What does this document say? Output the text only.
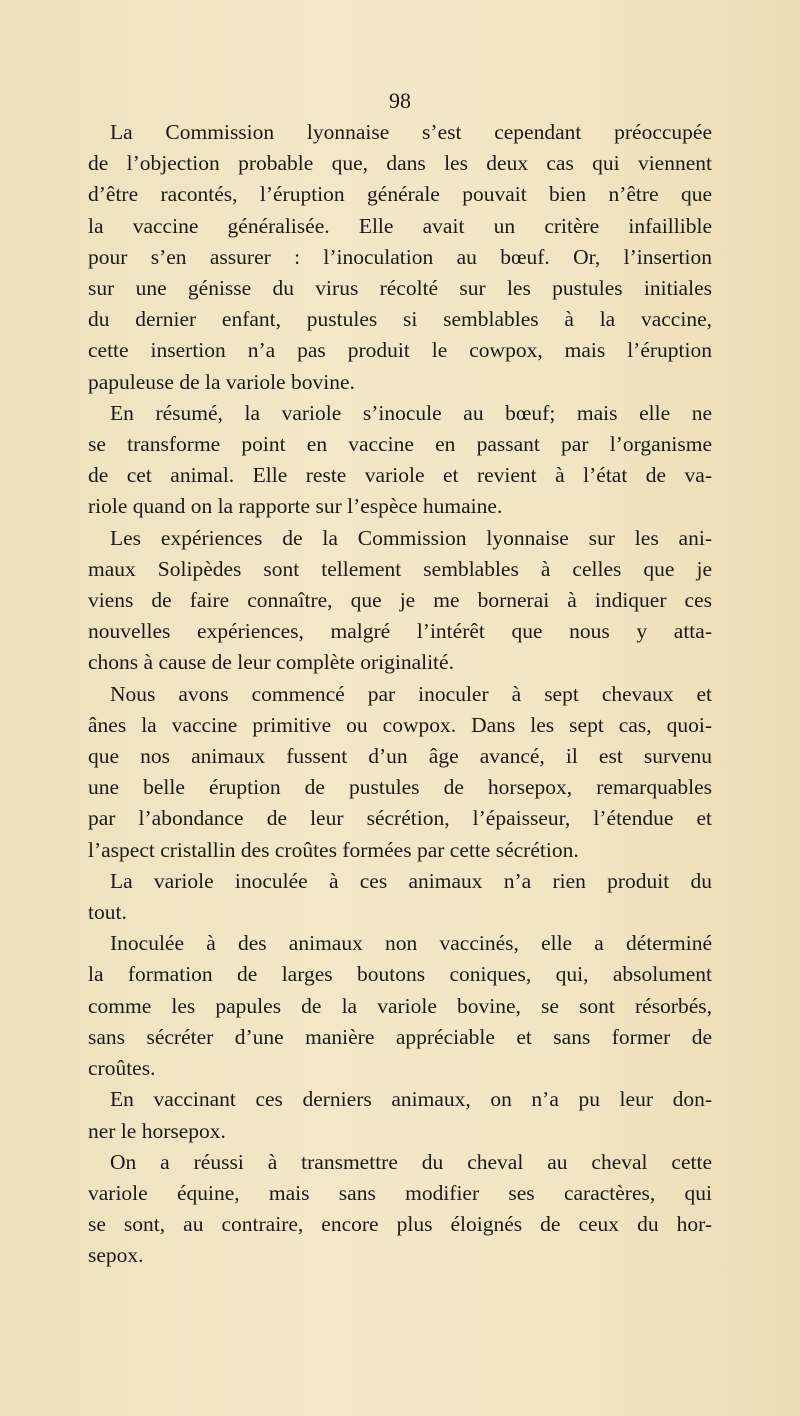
98
La Commission lyonnaise s’est cependant préoccupée
de l’objection probable que, dans les deux cas qui viennent
d’être racontés, l’éruption générale pouvait bien n’être que
la vaccine généralisée. Elle avait un critère infaillible
pour s’en assurer : l’inoculation au bœuf. Or, l’insertion
sur une génisse du virus récolté sur les pustules initiales
du dernier enfant, pustules si semblables à la vaccine,
cette insertion n’a pas produit le cowpox, mais l’éruption
papuleuse de la variole bovine.
En résumé, la variole s’inocule au bœuf; mais elle ne
se transforme point en vaccine en passant par l’organisme
de cet animal. Elle reste variole et revient à l’état de va-
riole quand on la rapporte sur l’espèce humaine.
Les expériences de la Commission lyonnaise sur les ani-
maux Solipèdes sont tellement semblables à celles que je
viens de faire connaître, que je me bornerai à indiquer ces
nouvelles expériences, malgré l’intérêt que nous y atta-
chons à cause de leur complète originalité.
Nous avons commencé par inoculer à sept chevaux et
ânes la vaccine primitive ou cowpox. Dans les sept cas, quoi-
que nos animaux fussent d’un âge avancé, il est survenu
une belle éruption de pustules de horsepox, remarquables
par l’abondance de leur sécrétion, l’épaisseur, l’étendue et
l’aspect cristallin des croûtes formées par cette sécrétion.
La variole inoculée à ces animaux n’a rien produit du
tout.
Inoculée à des animaux non vaccinés, elle a déterminé
la formation de larges boutons coniques, qui, absolument
comme les papules de la variole bovine, se sont résorbés,
sans sécréter d’une manière appréciable et sans former de
croûtes.
En vaccinant ces derniers animaux, on n’a pu leur don-
ner le horsepox.
On a réussi à transmettre du cheval au cheval cette
variole équine, mais sans modifier ses caractères, qui
se sont, au contraire, encore plus éloignés de ceux du hor-
sepox.
